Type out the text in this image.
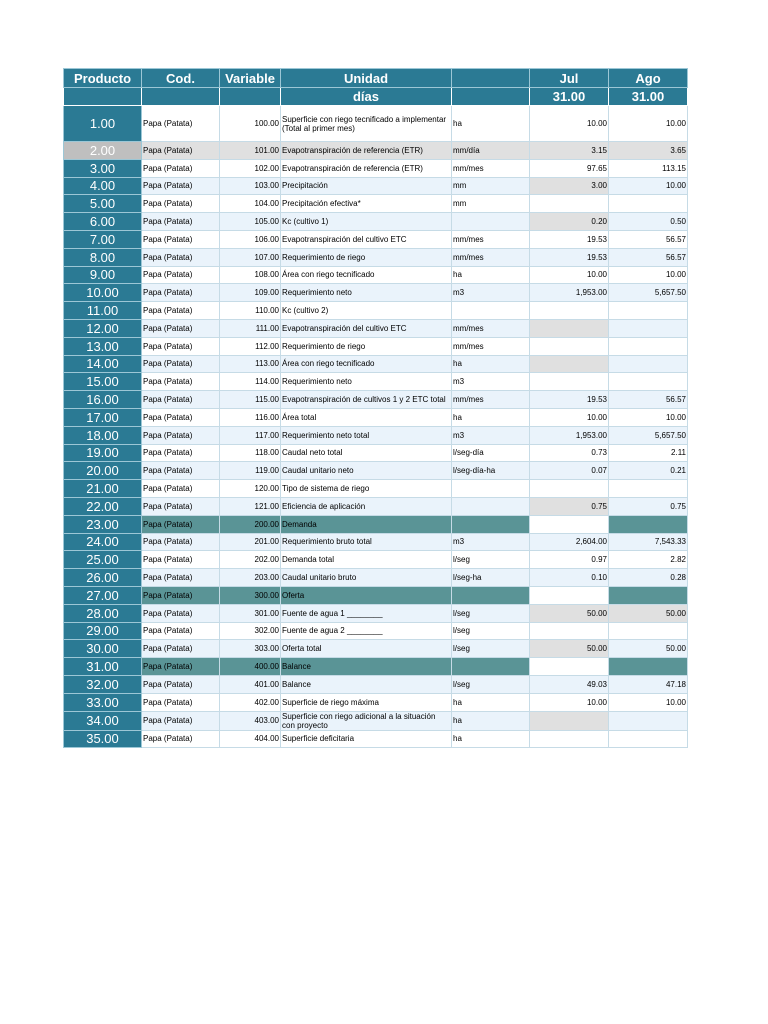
Producto	Cod.	Variable	Unidad		Jul	Ago
			días		31.00	31.00
1.00	Papa (Patata)	100.00	Superficie con riego tecnificado a implementar (Total al primer mes)	ha	10.00	10.00
2.00	Papa (Patata)	101.00	Evapotranspiración de referencia (ETR)	mm/día	3.15	3.65
3.00	Papa (Patata)	102.00	Evapotranspiración de referencia (ETR)	mm/mes	97.65	113.15
4.00	Papa (Patata)	103.00	Precipitación	mm	3.00	10.00
5.00	Papa (Patata)	104.00	Precipitación efectiva*	mm		
6.00	Papa (Patata)	105.00	Kc (cultivo 1)		0.20	0.50
7.00	Papa (Patata)	106.00	Evapotranspiración del cultivo ETC	mm/mes	19.53	56.57
8.00	Papa (Patata)	107.00	Requerimiento de riego	mm/mes	19.53	56.57
9.00	Papa (Patata)	108.00	Área con riego tecnificado	ha	10.00	10.00
10.00	Papa (Patata)	109.00	Requerimiento neto	m3	1,953.00	5,657.50
11.00	Papa (Patata)	110.00	Kc (cultivo 2)			
12.00	Papa (Patata)	111.00	Evapotranspiración del cultivo ETC	mm/mes		
13.00	Papa (Patata)	112.00	Requerimiento de riego	mm/mes		
14.00	Papa (Patata)	113.00	Área con riego tecnificado	ha		
15.00	Papa (Patata)	114.00	Requerimiento neto	m3		
16.00	Papa (Patata)	115.00	Evapotranspiración de cultivos 1 y 2 ETC total	mm/mes	19.53	56.57
17.00	Papa (Patata)	116.00	Área total	ha	10.00	10.00
18.00	Papa (Patata)	117.00	Requerimiento neto total	m3	1,953.00	5,657.50
19.00	Papa (Patata)	118.00	Caudal neto total	l/seg-día	0.73	2.11
20.00	Papa (Patata)	119.00	Caudal unitario neto	l/seg-día-ha	0.07	0.21
21.00	Papa (Patata)	120.00	Tipo de sistema de riego			
22.00	Papa (Patata)	121.00	Eficiencia de aplicación		0.75	0.75
23.00	Papa (Patata)	200.00	Demanda			
24.00	Papa (Patata)	201.00	Requerimiento bruto total	m3	2,604.00	7,543.33
25.00	Papa (Patata)	202.00	Demanda total	l/seg	0.97	2.82
26.00	Papa (Patata)	203.00	Caudal unitario bruto	l/seg-ha	0.10	0.28
27.00	Papa (Patata)	300.00	Oferta			
28.00	Papa (Patata)	301.00	Fuente de agua 1 ________	l/seg	50.00	50.00
29.00	Papa (Patata)	302.00	Fuente de agua 2 ________	l/seg		
30.00	Papa (Patata)	303.00	Oferta total	l/seg	50.00	50.00
31.00	Papa (Patata)	400.00	Balance			
32.00	Papa (Patata)	401.00	Balance	l/seg	49.03	47.18
33.00	Papa (Patata)	402.00	Superficie de riego máxima	ha	10.00	10.00
34.00	Papa (Patata)	403.00	Superficie con riego adicional a la situación con proyecto	ha		
35.00	Papa (Patata)	404.00	Superficie deficitaria	ha		
